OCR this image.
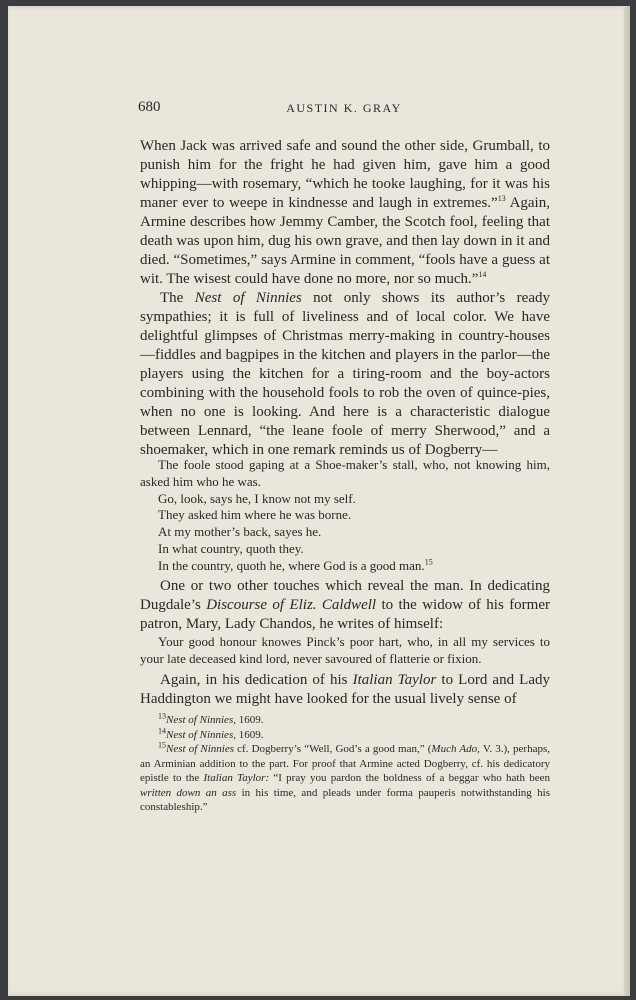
680	AUSTIN K. GRAY

When Jack was arrived safe and sound the other side, Grumball, to punish him for the fright he had given him, gave him a good whipping—with rosemary, “which he tooke laughing, for it was his maner ever to weepe in kindnesse and laugh in extremes.”$^{13}$ Again, Armine describes how Jemmy Camber, the Scotch fool, feeling that death was upon him, dug his own grave, and then lay down in it and died. “Sometimes,” says Armine in comment, “fools have a guess at wit. The wisest could have done no more, nor so much.”$^{14}$

The Nest of Ninnies not only shows its author’s ready sympathies; it is full of liveliness and of local color. We have delightful glimpses of Christmas merry-making in country-houses—fiddles and bagpipes in the kitchen and players in the parlor—the players using the kitchen for a tiring-room and the boy-actors combining with the household fools to rob the oven of quince-pies, when no one is looking. And here is a characteristic dialogue between Lennard, “the leane foole of merry Sherwood,” and a shoemaker, which in one remark reminds us of Dogberry—

The foole stood gaping at a Shoe-maker’s stall, who, not knowing him, asked him who he was.

Go, look, says he, I know not my self.

They asked him where he was borne.

At my mother’s back, sayes he.

In what country, quoth they.

In the country, quoth he, where God is a good man.$^{15}$

One or two other touches which reveal the man. In dedicating Dugdale’s Discourse of Eliz. Caldwell to the widow of his former patron, Mary, Lady Chandos, he writes of himself:

Your good honour knowes Pinck’s poor hart, who, in all my services to your late deceased kind lord, never savoured of flatterie or fixion.

Again, in his dedication of his Italian Taylor to Lord and Lady Haddington we might have looked for the usual lively sense of

$^{13}$Nest of Ninnies, 1609.

$^{14}$Nest of Ninnies, 1609.

$^{15}$Nest of Ninnies cf. Dogberry’s “Well, God’s a good man,” (Much Ado, V. 3.), perhaps, an Arminian addition to the part. For proof that Armine acted Dogberry, cf. his dedicatory epistle to the Italian Taylor: “I pray you pardon the boldness of a beggar who hath been written down an ass in his time, and pleads under forma pauperis notwithstanding his constableship.”
